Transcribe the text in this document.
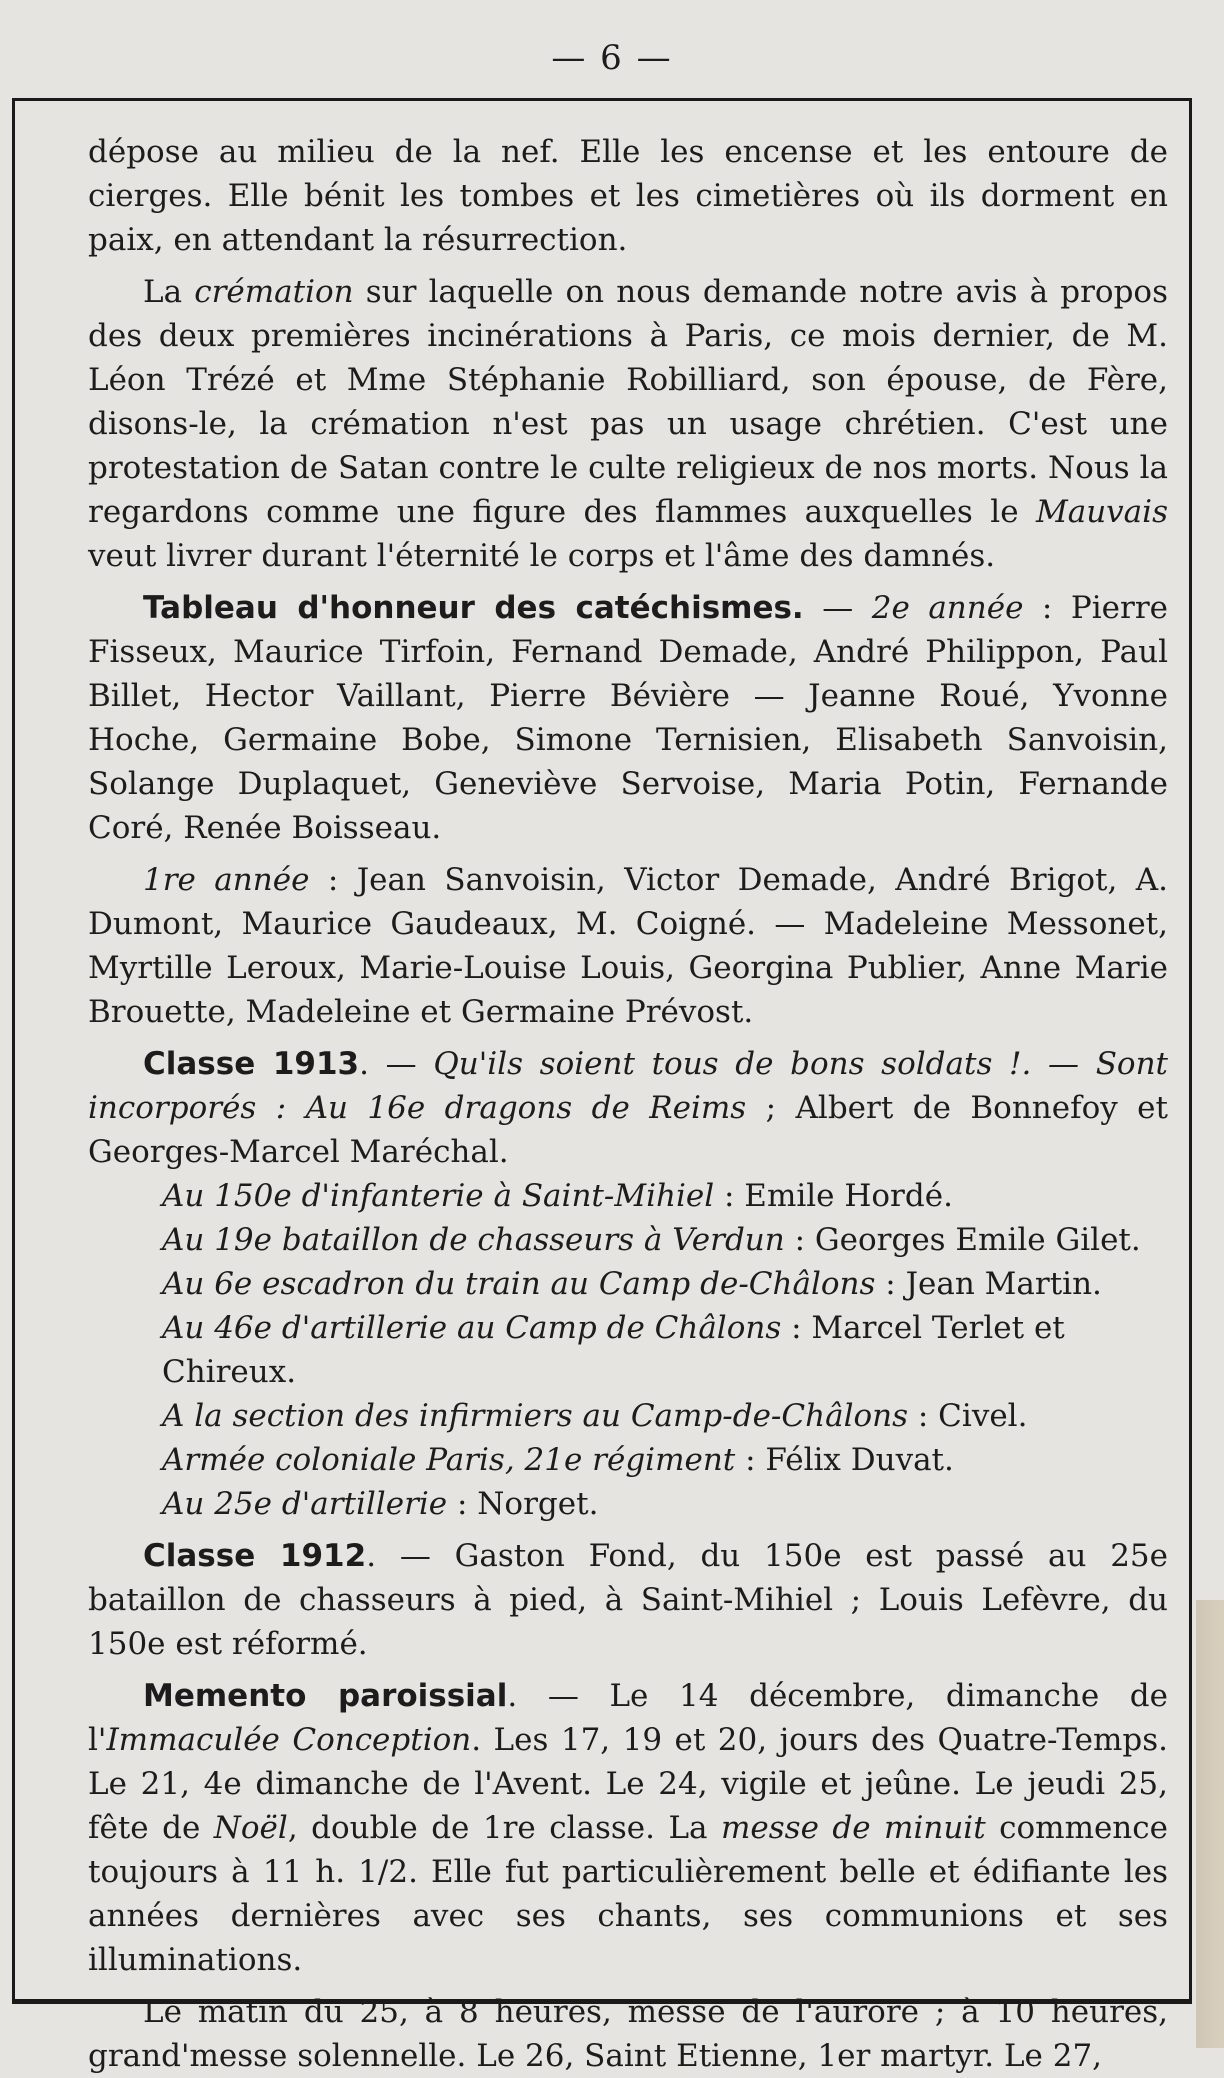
— 6 —

dépose au milieu de la nef. Elle les encense et les entoure de cierges. Elle bénit les tombes et les cimetières où ils dorment en paix, en attendant la résurrection.

La crémation sur laquelle on nous demande notre avis à propos des deux premières incinérations à Paris, ce mois dernier, de M. Léon Trézé et Mme Stéphanie Robilliard, son épouse, de Fère, disons-le, la crémation n'est pas un usage chrétien. C'est une protestation de Satan contre le culte religieux de nos morts. Nous la regardons comme une figure des flammes auxquelles le Mauvais veut livrer durant l'éternité le corps et l'âme des damnés.

Tableau d'honneur des catéchismes. — 2e année : Pierre Fisseux, Maurice Tirfoin, Fernand Demade, André Philippon, Paul Billet, Hector Vaillant, Pierre Bévière — Jeanne Roué, Yvonne Hoche, Germaine Bobe, Simone Ternisien, Elisabeth Sanvoisin, Solange Duplaquet, Geneviève Servoise, Maria Potin, Fernande Coré, Renée Boisseau.

1re année : Jean Sanvoisin, Victor Demade, André Brigot, A. Dumont, Maurice Gaudeaux, M. Coigné. — Madeleine Messonet, Myrtille Leroux, Marie-Louise Louis, Georgina Publier, Anne Marie Brouette, Madeleine et Germaine Prévost.

Classe 1913. — Qu'ils soient tous de bons soldats !. — Sont incorporés : Au 16e dragons de Reims ; Albert de Bonnefoy et Georges-Marcel Maréchal.

Au 150e d'infanterie à Saint-Mihiel : Emile Hordé.
Au 19e bataillon de chasseurs à Verdun : Georges Emile Gilet.
Au 6e escadron du train au Camp de-Châlons : Jean Martin.
Au 46e d'artillerie au Camp de Châlons : Marcel Terlet et Chireux.
A la section des infirmiers au Camp-de-Châlons : Civel.
Armée coloniale Paris, 21e régiment : Félix Duvat.
Au 25e d'artillerie : Norget.

Classe 1912. — Gaston Fond, du 150e est passé au 25e bataillon de chasseurs à pied, à Saint-Mihiel ; Louis Lefèvre, du 150e est réformé.

Memento paroissial. — Le 14 décembre, dimanche de l'Immaculée Conception. Les 17, 19 et 20, jours des Quatre-Temps. Le 21, 4e dimanche de l'Avent. Le 24, vigile et jeûne. Le jeudi 25, fête de Noël, double de 1re classe. La messe de minuit commence toujours à 11 h. 1/2. Elle fut particulièrement belle et édifiante les années dernières avec ses chants, ses communions et ses illuminations.

Le matin du 25, à 8 heures, messe de l'aurore ; à 10 heures, grand'messe solennelle. Le 26, Saint Etienne, 1er martyr. Le 27,
